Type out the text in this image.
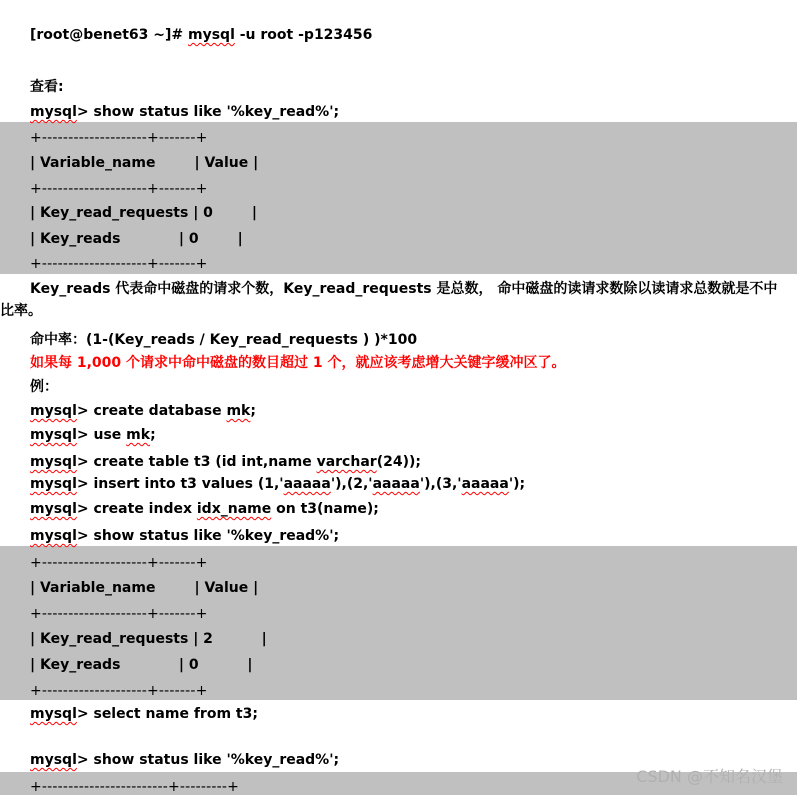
[root@benet63 ~]# mysql -u root -p123456
查看:
mysql> show status like '%key_read%';
+--------------------+-------+
| Variable_name        | Value |
+--------------------+-------+
| Key_read_requests | 0        |
| Key_reads            | 0        |
+--------------------+-------+
Key_reads 代表命中磁盘的请求个数，Key_read_requests 是总数， 命中磁盘的读请求数除以读请求总数就是不中
比率。
命中率：(1-(Key_reads / Key_read_requests ) )*100
如果每 1,000 个请求中命中磁盘的数目超过 1 个，就应该考虑增大关键字缓冲区了。
例：
mysql> create database mk;
mysql> use mk;
mysql> create table t3 (id int,name varchar(24));
mysql> insert into t3 values (1,'aaaaa'),(2,'aaaaa'),(3,'aaaaa');
mysql> create index idx_name on t3(name);
mysql> show status like '%key_read%';
+--------------------+-------+
| Variable_name        | Value |
+--------------------+-------+
| Key_read_requests | 2          |
| Key_reads            | 0          |
+--------------------+-------+
mysql> select name from t3;
mysql> show status like '%key_read%';
+------------------------+---------+
CSDN @不知名汉堡
